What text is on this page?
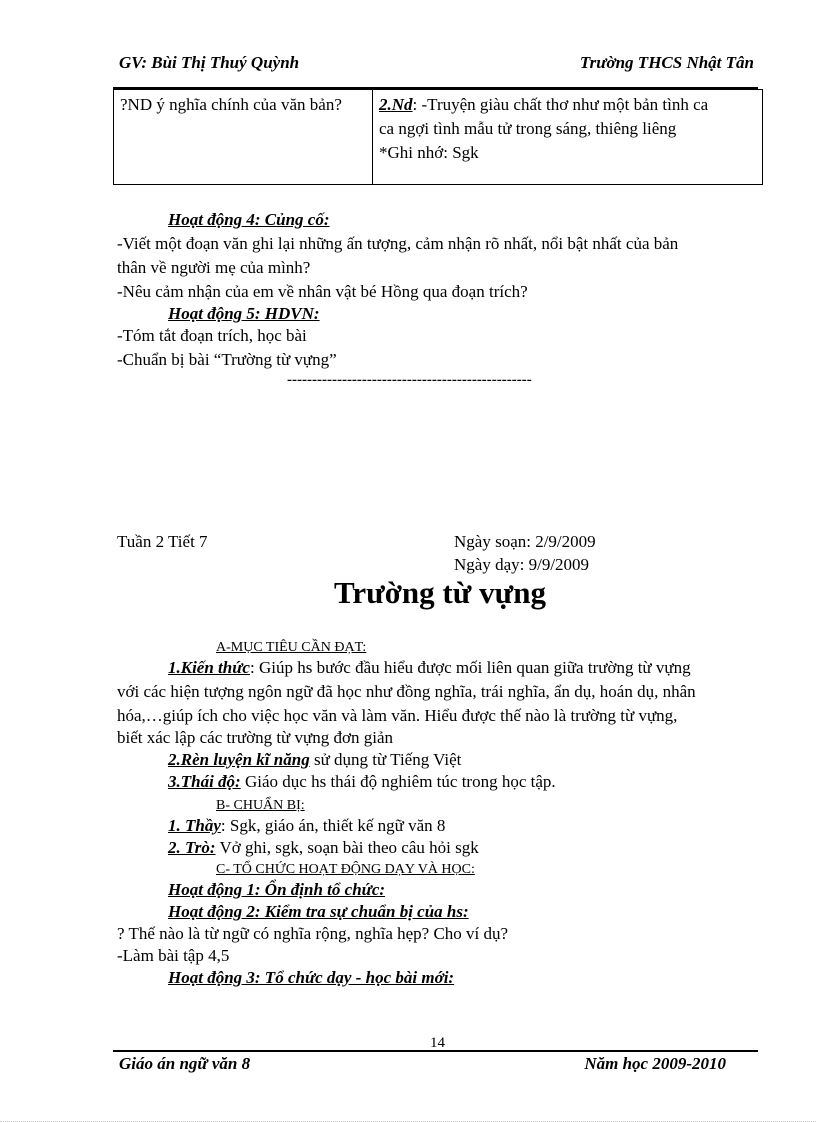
GV: Bùi Thị Thuý Quỳnh	Trường THCS Nhật Tân
?ND ý nghĩa chính của văn bản?	2.Nd: -Truyện giàu chất thơ như một bản tình ca
ca ngợi tình mẫu tử trong sáng, thiêng liêng
*Ghi nhớ: Sgk
Hoạt động 4: Củng cố:
-Viết một đoạn văn ghi lại những ấn tượng, cảm nhận rõ nhất, nổi bật nhất của bản
thân về người mẹ của mình?
-Nêu cảm nhận của em về nhân vật bé Hồng qua đoạn trích?
Hoạt động 5: HDVN:
-Tóm tắt đoạn trích, học bài
-Chuẩn bị bài “Trường từ vựng”
-------------------------------------------------
Tuần 2 Tiết 7	Ngày soạn: 2/9/2009
Ngày dạy: 9/9/2009
Trường từ vựng
A-MỤC TIÊU CẦN ĐẠT:
1.Kiến thức: Giúp hs bước đầu hiểu được mối liên quan giữa trường từ vựng
với các hiện tượng ngôn ngữ đã học như đồng nghĩa, trái nghĩa, ẩn dụ, hoán dụ, nhân
hóa,…giúp ích cho việc học văn và làm văn. Hiểu được thế nào là trường từ vựng,
biết xác lập các trường từ vựng đơn giản
2.Rèn luyện kĩ năng sử dụng từ Tiếng Việt
3.Thái độ: Giáo dục hs thái độ nghiêm túc trong học tập.
B- CHUẨN BỊ:
1. Thầy: Sgk, giáo án, thiết kế ngữ văn 8
2. Trò: Vở ghi, sgk, soạn bài theo câu hỏi sgk
C- TỔ CHỨC HOẠT ĐỘNG DẠY VÀ HỌC:
Hoạt động 1: Ổn định tổ chức:
Hoạt động 2: Kiểm tra sự chuẩn bị của hs:
? Thế nào là từ ngữ có nghĩa rộng, nghĩa hẹp? Cho ví dụ?
-Làm bài tập 4,5
Hoạt động 3: Tổ chức dạy - học bài mới:
14
Giáo án ngữ văn 8	Năm học 2009-2010
